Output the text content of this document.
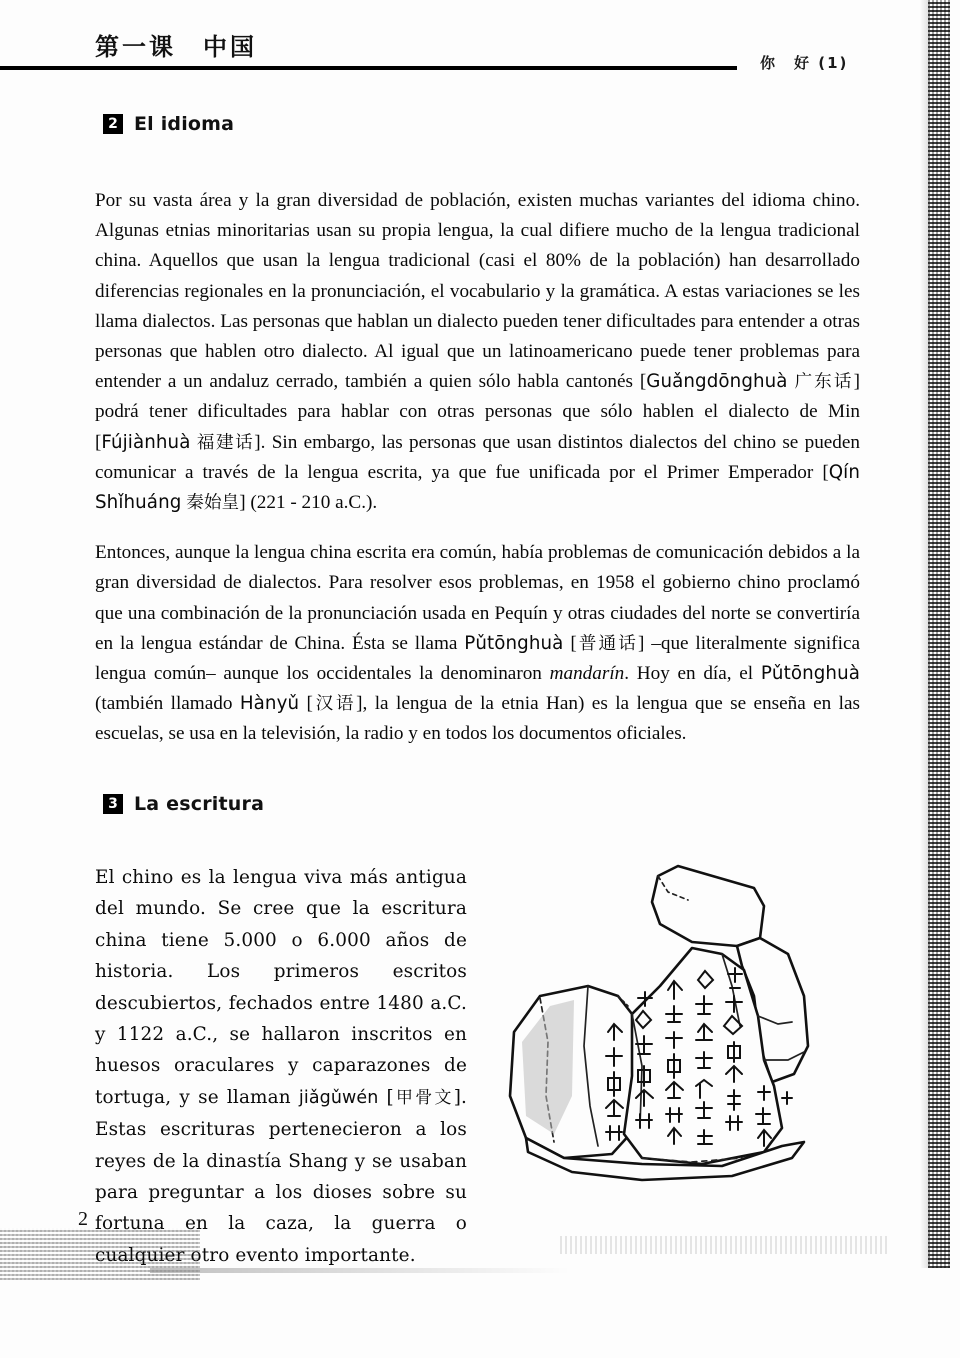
第一课　中国
你　好 (1)
2 El idioma

Por su vasta área y la gran diversidad de población, existen muchas variantes del idioma chino. Algunas etnias minoritarias usan su propia lengua, la cual difiere mucho de la lengua tradicional china. Aquellos que usan la lengua tradicional (casi el 80% de la población) han desarrollado diferencias regionales en la pronunciación, el vocabulario y la gramática. A estas variaciones se les llama dialectos. Las personas que hablan un dialecto pueden tener dificultades para entender a otras personas que hablen otro dialecto. Al igual que un latinoamericano puede tener problemas para entender a un andaluz cerrado, también a quien sólo habla cantonés [Guǎngdōnghuà 广东话] podrá tener dificultades para hablar con otras personas que sólo hablen el dialecto de Min [Fújiànhuà 福建话]. Sin embargo, las personas que usan distintos dialectos del chino se pueden comunicar a través de la lengua escrita, ya que fue unificada por el Primer Emperador [Qín Shǐhuáng 秦始皇] (221 - 210 a.C.).

Entonces, aunque la lengua china escrita era común, había problemas de comunicación debidos a la gran diversidad de dialectos. Para resolver esos problemas, en 1958 el gobierno chino proclamó que una combinación de la pronunciación usada en Pequín y otras ciudades del norte se convertiría en la lengua estándar de China. Ésta se llama Pǔtōnghuà [普通话] –que literalmente significa lengua común– aunque los occidentales la denominaron mandarín. Hoy en día, el Pǔtōnghuà (también llamado Hànyǔ [汉语], la lengua de la etnia Han) es la lengua que se enseña en las escuelas, se usa en la televisión, la radio y en todos los documentos oficiales.

3 La escritura

El chino es la lengua viva más antigua del mundo. Se cree que la escritura china tiene 5.000 o 6.000 años de historia. Los primeros escritos descubiertos, fechados entre 1480 a.C. y 1122 a.C., se hallaron inscritos en huesos oraculares y caparazones de tortuga, y se llaman jiǎgǔwén [甲骨文]. Estas escrituras pertenecieron a los reyes de la dinastía Shang y se usaban para preguntar a los dioses sobre su fortuna en la caza, la guerra o cualquier otro evento importante.

2
